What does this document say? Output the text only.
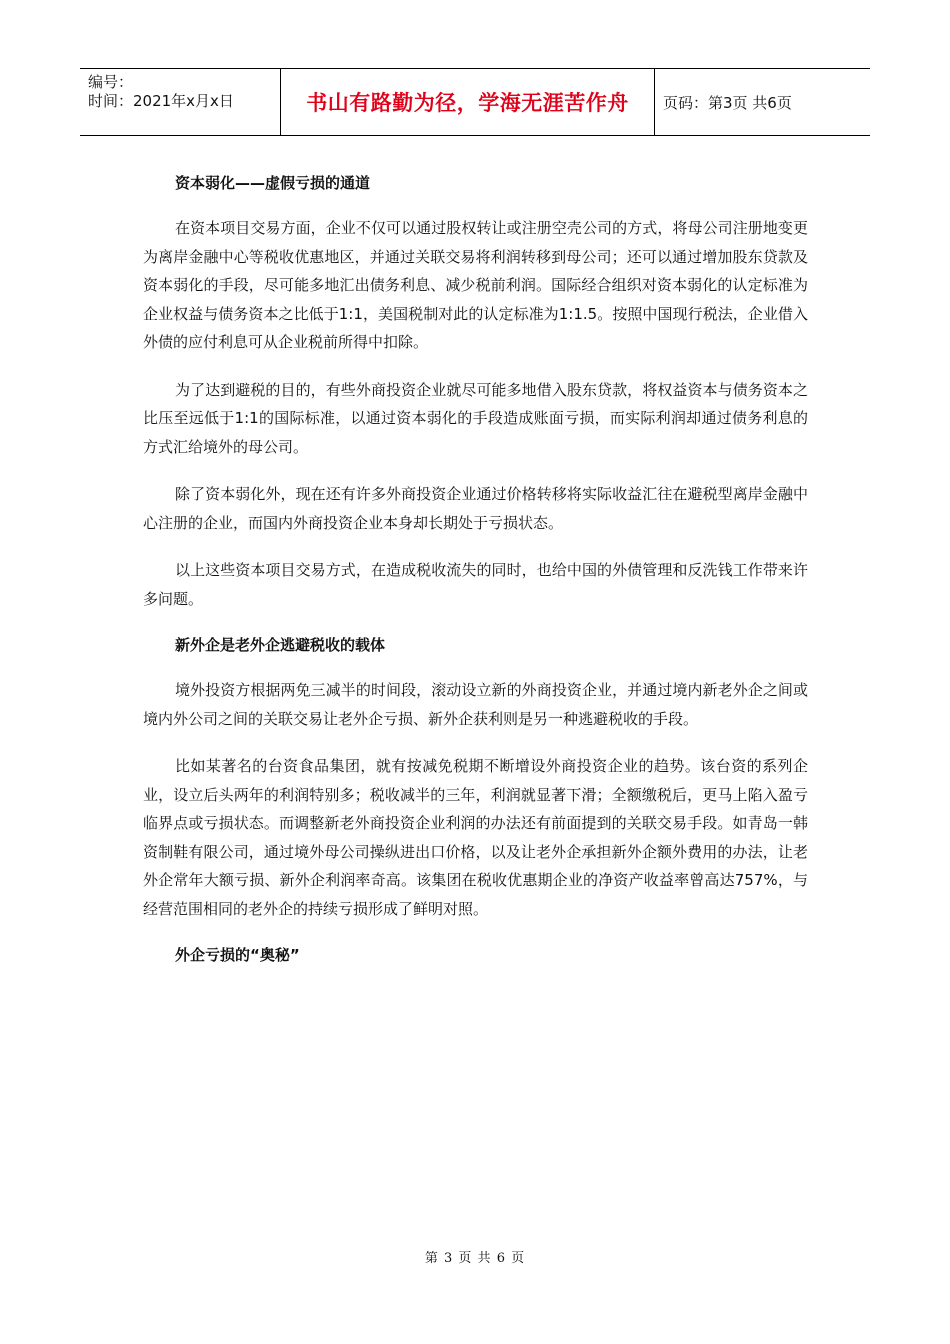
编号：
时间：2021年x月x日	书山有路勤为径，学海无涯苦作舟 页码：第3页 共6页
资本弱化——虚假亏损的通道

在资本项目交易方面，企业不仅可以通过股权转让或注册空壳公司的方式，将母公司注册地变更为离岸金融中心等税收优惠地区，并通过关联交易将利润转移到母公司；还可以通过增加股东贷款及资本弱化的手段，尽可能多地汇出债务利息、减少税前利润。国际经合组织对资本弱化的认定标准为企业权益与债务资本之比低于1:1，美国税制对此的认定标准为1:1.5。按照中国现行税法，企业借入外债的应付利息可从企业税前所得中扣除。

为了达到避税的目的，有些外商投资企业就尽可能多地借入股东贷款，将权益资本与债务资本之比压至远低于1:1的国际标准，以通过资本弱化的手段造成账面亏损，而实际利润却通过债务利息的方式汇给境外的母公司。

除了资本弱化外，现在还有许多外商投资企业通过价格转移将实际收益汇往在避税型离岸金融中心注册的企业，而国内外商投资企业本身却长期处于亏损状态。

以上这些资本项目交易方式，在造成税收流失的同时，也给中国的外债管理和反洗钱工作带来许多问题。

新外企是老外企逃避税收的载体

境外投资方根据两免三减半的时间段，滚动设立新的外商投资企业，并通过境内新老外企之间或境内外公司之间的关联交易让老外企亏损、新外企获利则是另一种逃避税收的手段。

比如某著名的台资食品集团，就有按减免税期不断增设外商投资企业的趋势。该台资的系列企业，设立后头两年的利润特别多；税收减半的三年，利润就显著下滑；全额缴税后，更马上陷入盈亏临界点或亏损状态。而调整新老外商投资企业利润的办法还有前面提到的关联交易手段。如青岛一韩资制鞋有限公司，通过境外母公司操纵进出口价格，以及让老外企承担新外企额外费用的办法，让老外企常年大额亏损、新外企利润率奇高。该集团在税收优惠期企业的净资产收益率曾高达757%，与经营范围相同的老外企的持续亏损形成了鲜明对照。

外企亏损的“奥秘”
第 3 页 共 6 页
